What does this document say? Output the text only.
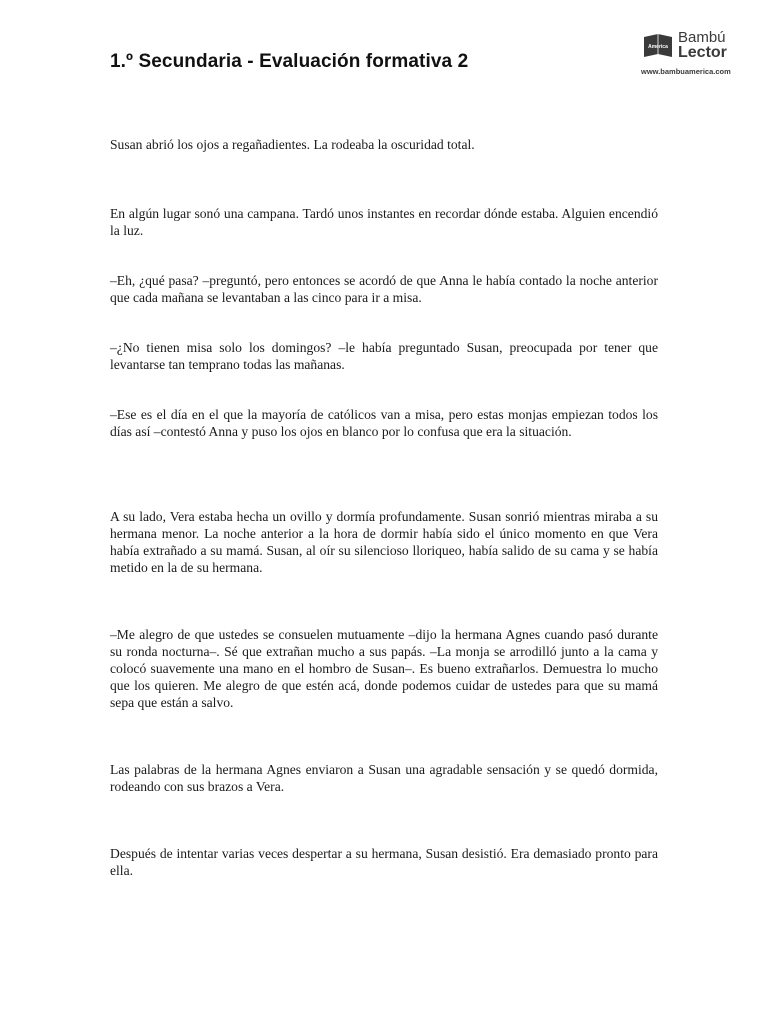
1.º Secundaria - Evaluación formativa 2
América
Bambú
Lector
www.bambuamerica.com

Susan abrió los ojos a regañadientes. La rodeaba la oscuridad total.

En algún lugar sonó una campana. Tardó unos instantes en recordar dónde estaba. Alguien encendió la luz.

–Eh, ¿qué pasa? –preguntó, pero entonces se acordó de que Anna le había contado la noche anterior que cada mañana se levantaban a las cinco para ir a misa.

–¿No tienen misa solo los domingos? –le había preguntado Susan, preocupada por tener que levantarse tan temprano todas las mañanas.

–Ese es el día en el que la mayoría de católicos van a misa, pero estas monjas empiezan todos los días así –contestó Anna y puso los ojos en blanco por lo confusa que era la situación.

A su lado, Vera estaba hecha un ovillo y dormía profundamente. Susan sonrió mientras miraba a su hermana menor. La noche anterior a la hora de dormir había sido el único momento en que Vera había extrañado a su mamá. Susan, al oír su silencioso lloriqueo, había salido de su cama y se había metido en la de su hermana.

–Me alegro de que ustedes se consuelen mutuamente –dijo la hermana Agnes cuando pasó durante su ronda nocturna–. Sé que extrañan mucho a sus papás. –La monja se arrodilló junto a la cama y colocó suavemente una mano en el hombro de Susan–. Es bueno extrañarlos. Demuestra lo mucho que los quieren. Me alegro de que estén acá, donde podemos cuidar de ustedes para que su mamá sepa que están a salvo.

Las palabras de la hermana Agnes enviaron a Susan una agradable sensación y se quedó dormida, rodeando con sus brazos a Vera.

Después de intentar varias veces despertar a su hermana, Susan desistió. Era demasiado pronto para ella.
